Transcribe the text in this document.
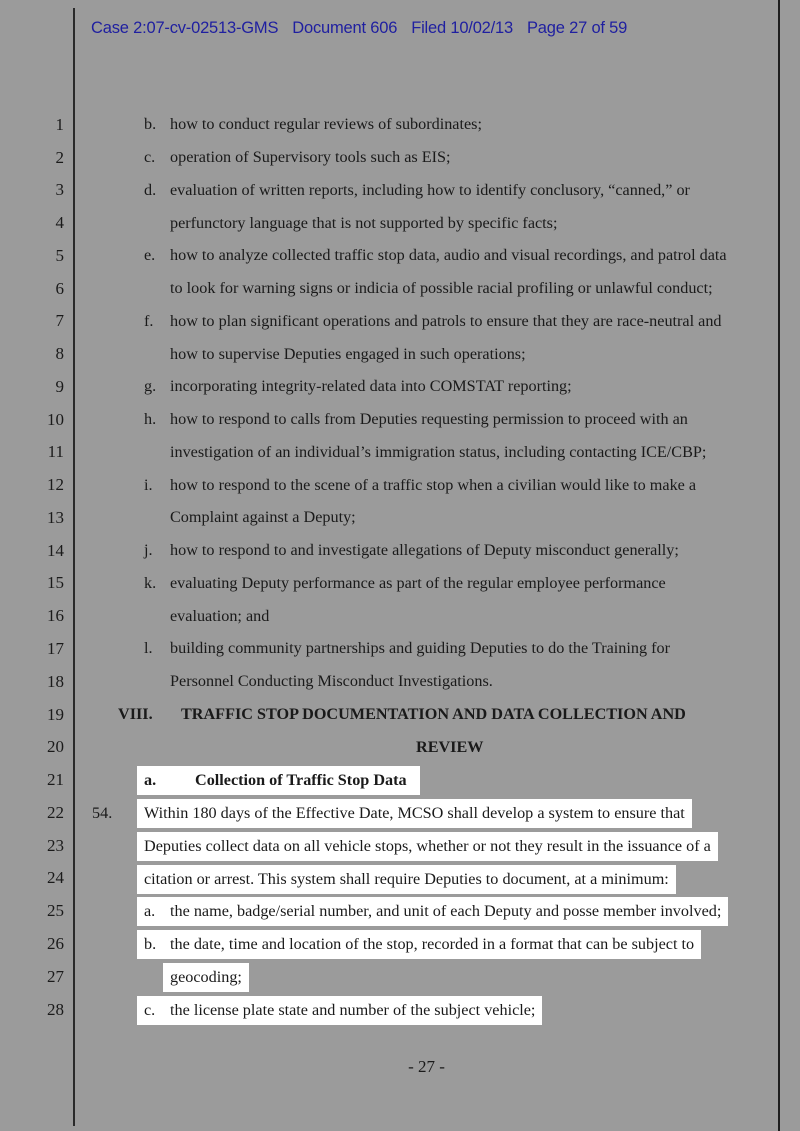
Case 2:07-cv-02513-GMS Document 606 Filed 10/02/13 Page 27 of 59
1
2
3
4
5
6
7
8
9
10
11
12
13
14
15
16
17
18
19
20
21
22
23
24
25
26
27
28
b. how to conduct regular reviews of subordinates;
c. operation of Supervisory tools such as EIS;
d. evaluation of written reports, including how to identify conclusory, “canned,” or
perfunctory language that is not supported by specific facts;
e. how to analyze collected traffic stop data, audio and visual recordings, and patrol data
to look for warning signs or indicia of possible racial profiling or unlawful conduct;
f. how to plan significant operations and patrols to ensure that they are race-neutral and
how to supervise Deputies engaged in such operations;
g. incorporating integrity-related data into COMSTAT reporting;
h. how to respond to calls from Deputies requesting permission to proceed with an
investigation of an individual’s immigration status, including contacting ICE/CBP;
i. how to respond to the scene of a traffic stop when a civilian would like to make a
Complaint against a Deputy;
j. how to respond to and investigate allegations of Deputy misconduct generally;
k. evaluating Deputy performance as part of the regular employee performance
evaluation; and
l. building community partnerships and guiding Deputies to do the Training for
Personnel Conducting Misconduct Investigations.
VIII. TRAFFIC STOP DOCUMENTATION AND DATA COLLECTION AND
REVIEW
a. Collection of Traffic Stop Data
54. Within 180 days of the Effective Date, MCSO shall develop a system to ensure that
Deputies collect data on all vehicle stops, whether or not they result in the issuance of a
citation or arrest. This system shall require Deputies to document, at a minimum:
a. the name, badge/serial number, and unit of each Deputy and posse member involved;
b. the date, time and location of the stop, recorded in a format that can be subject to
geocoding;
c. the license plate state and number of the subject vehicle;
- 27 -
